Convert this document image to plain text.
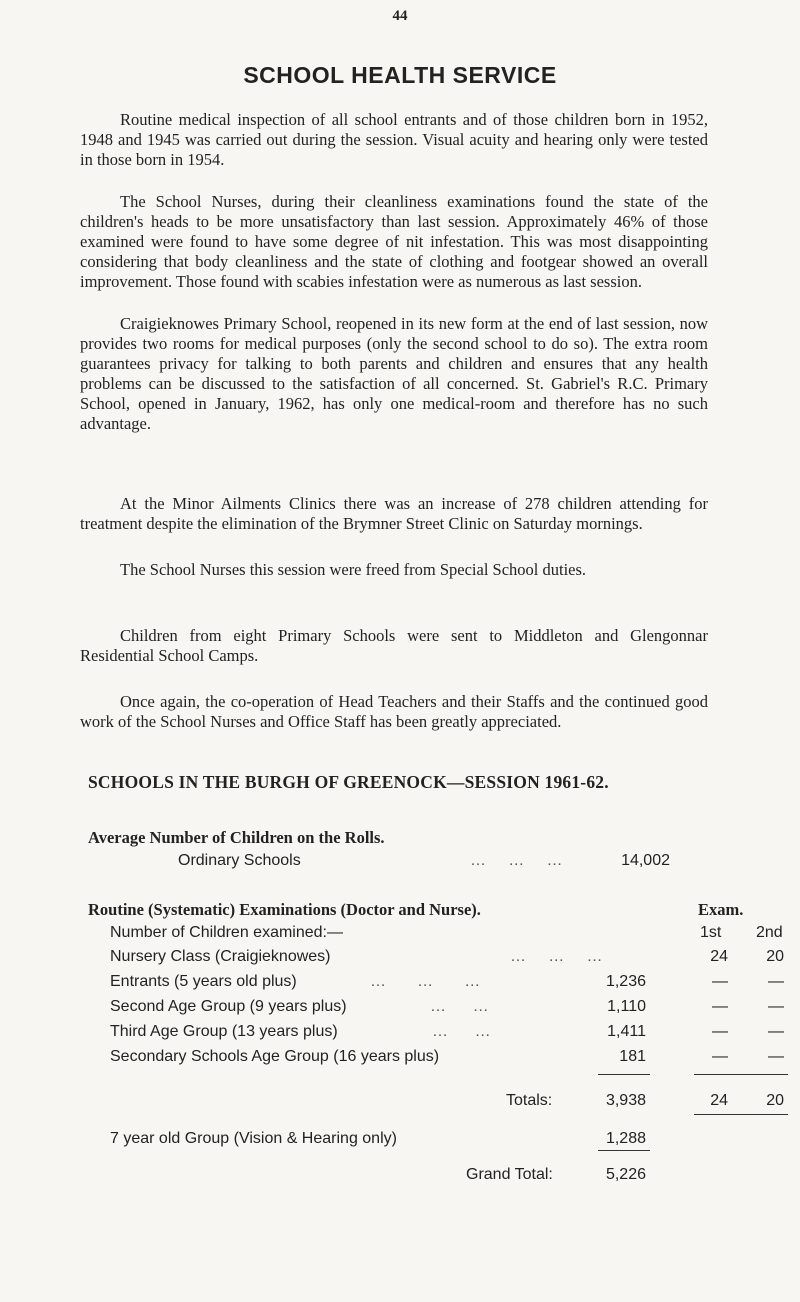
44
SCHOOL HEALTH SERVICE

Routine medical inspection of all school entrants and of those children born in 1952, 1948 and 1945 was carried out during the session. Visual acuity and hearing only were tested in those born in 1954.

The School Nurses, during their cleanliness examinations found the state of the children's heads to be more unsatisfactory than last session. Approximately 46% of those examined were found to have some degree of nit infestation. This was most disappointing considering that body cleanliness and the state of clothing and footgear showed an overall improvement. Those found with scabies infestation were as numerous as last session.

Craigieknowes Primary School, reopened in its new form at the end of last session, now provides two rooms for medical purposes (only the second school to do so). The extra room guarantees privacy for talking to both parents and children and ensures that any health problems can be discussed to the satisfaction of all concerned. St. Gabriel's R.C. Primary School, opened in January, 1962, has only one medical-room and therefore has no such advantage.

At the Minor Ailments Clinics there was an increase of 278 children attending for treatment despite the elimination of the Brymner Street Clinic on Saturday mornings.

The School Nurses this session were freed from Special School duties.

Children from eight Primary Schools were sent to Middleton and Glengonnar Residential School Camps.

Once again, the co-operation of Head Teachers and their Staffs and the continued good work of the School Nurses and Office Staff has been greatly appreciated.

SCHOOLS IN THE BURGH OF GREENOCK—SESSION 1961-62.
Average Number of Children on the Rolls.
Ordinary Schools	…     …     …	14,002
Routine (Systematic) Examinations (Doctor and Nurse).	Exam.
Number of Children examined:—	1st 2nd
Nursery Class (Craigieknowes)	…     …     …	24	20
Entrants (5 years old plus)	…       …       …	1,236	—	—
Second Age Group (9 years plus)	…      …	1,110	—	—
Third Age Group (13 years plus)	…      …	1,411	—	—
Secondary Schools Age Group (16 years plus)	181	—	—
Totals:	3,938	24	20
7 year old Group (Vision & Hearing only)	1,288
Grand Total:	5,226
